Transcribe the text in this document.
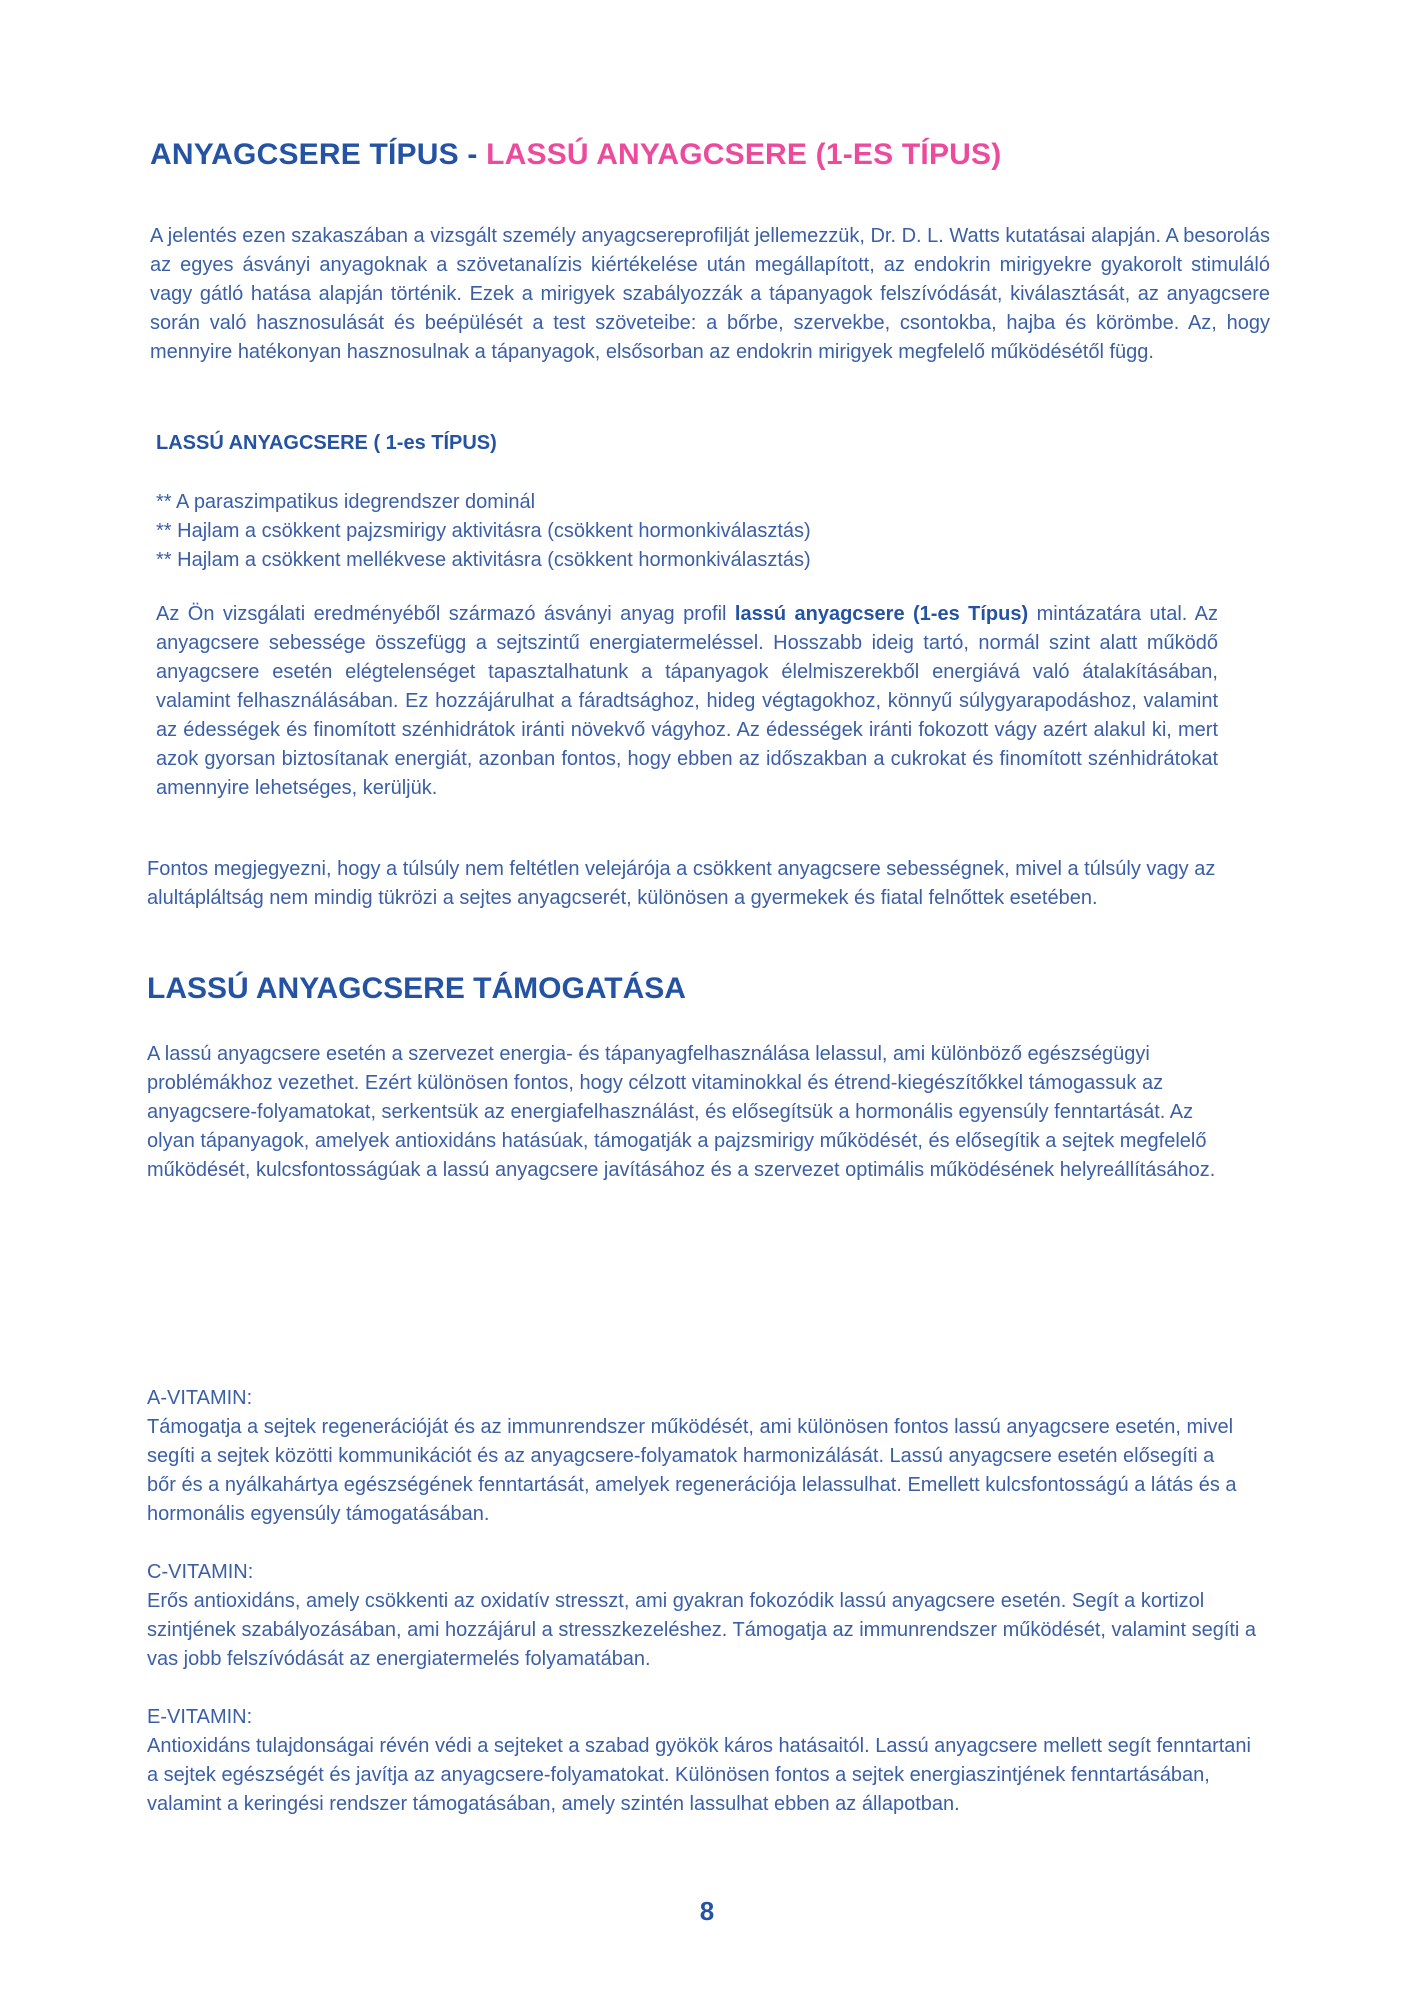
ANYAGCSERE TÍPUS - LASSÚ ANYAGCSERE (1-ES TÍPUS)

A jelentés ezen szakaszában a vizsgált személy anyagcsereprofilját jellemezzük, Dr. D. L. Watts kutatásai alapján. A besorolás az egyes ásványi anyagoknak a szövetanalízis kiértékelése után megállapított, az endokrin mirigyekre gyakorolt stimuláló vagy gátló hatása alapján történik. Ezek a mirigyek szabályozzák a tápanyagok felszívódását, kiválasztását, az anyagcsere során való hasznosulását és beépülését a test szöveteibe: a bőrbe, szervekbe, csontokba, hajba és körömbe. Az, hogy mennyire hatékonyan hasznosulnak a tápanyagok, elsősorban az endokrin mirigyek megfelelő működésétől függ.

LASSÚ ANYAGCSERE ( 1-es TÍPUS)
** A paraszimpatikus idegrendszer dominál
** Hajlam a csökkent pajzsmirigy aktivitásra (csökkent hormonkiválasztás)
** Hajlam a csökkent mellékvese aktivitásra (csökkent hormonkiválasztás)

Az Ön vizsgálati eredményéből származó ásványi anyag profil lassú anyagcsere (1-es Típus) mintázatára utal. Az anyagcsere sebessége összefügg a sejtszintű energiatermeléssel. Hosszabb ideig tartó, normál szint alatt működő anyagcsere esetén elégtelenséget tapasztalhatunk a tápanyagok élelmiszerekből energiává való átalakításában, valamint felhasználásában. Ez hozzájárulhat a fáradtsághoz, hideg végtagokhoz, könnyű súlygyarapodáshoz, valamint az édességek és finomított szénhidrátok iránti növekvő vágyhoz. Az édességek iránti fokozott vágy azért alakul ki, mert azok gyorsan biztosítanak energiát, azonban fontos, hogy ebben az időszakban a cukrokat és finomított szénhidrátokat amennyire lehetséges, kerüljük.

Fontos megjegyezni, hogy a túlsúly nem feltétlen velejárója a csökkent anyagcsere sebességnek, mivel a túlsúly vagy az alultápláltság nem mindig tükrözi a sejtes anyagcserét, különösen a gyermekek és fiatal felnőttek esetében.

LASSÚ ANYAGCSERE TÁMOGATÁSA

A lassú anyagcsere esetén a szervezet energia- és tápanyagfelhasználása lelassul, ami különböző egészségügyi problémákhoz vezethet. Ezért különösen fontos, hogy célzott vitaminokkal és étrend-kiegészítőkkel támogassuk az anyagcsere-folyamatokat, serkentsük az energiafelhasználást, és elősegítsük a hormonális egyensúly fenntartását. Az olyan tápanyagok, amelyek antioxidáns hatásúak, támogatják a pajzsmirigy működését, és elősegítik a sejtek megfelelő működését, kulcsfontosságúak a lassú anyagcsere javításához és a szervezet optimális működésének helyreállításához.

A-VITAMIN:
Támogatja a sejtek regenerációját és az immunrendszer működését, ami különösen fontos lassú anyagcsere esetén, mivel segíti a sejtek közötti kommunikációt és az anyagcsere-folyamatok harmonizálását. Lassú anyagcsere esetén elősegíti a bőr és a nyálkahártya egészségének fenntartását, amelyek regenerációja lelassulhat. Emellett kulcsfontosságú a látás és a hormonális egyensúly támogatásában.
C-VITAMIN:
Erős antioxidáns, amely csökkenti az oxidatív stresszt, ami gyakran fokozódik lassú anyagcsere esetén. Segít a kortizol szintjének szabályozásában, ami hozzájárul a stresszkezeléshez. Támogatja az immunrendszer működését, valamint segíti a vas jobb felszívódását az energiatermelés folyamatában.
E-VITAMIN:
Antioxidáns tulajdonságai révén védi a sejteket a szabad gyökök káros hatásaitól. Lassú anyagcsere mellett segít fenntartani a sejtek egészségét és javítja az anyagcsere-folyamatokat. Különösen fontos a sejtek energiaszintjének fenntartásában, valamint a keringési rendszer támogatásában, amely szintén lassulhat ebben az állapotban.
8
